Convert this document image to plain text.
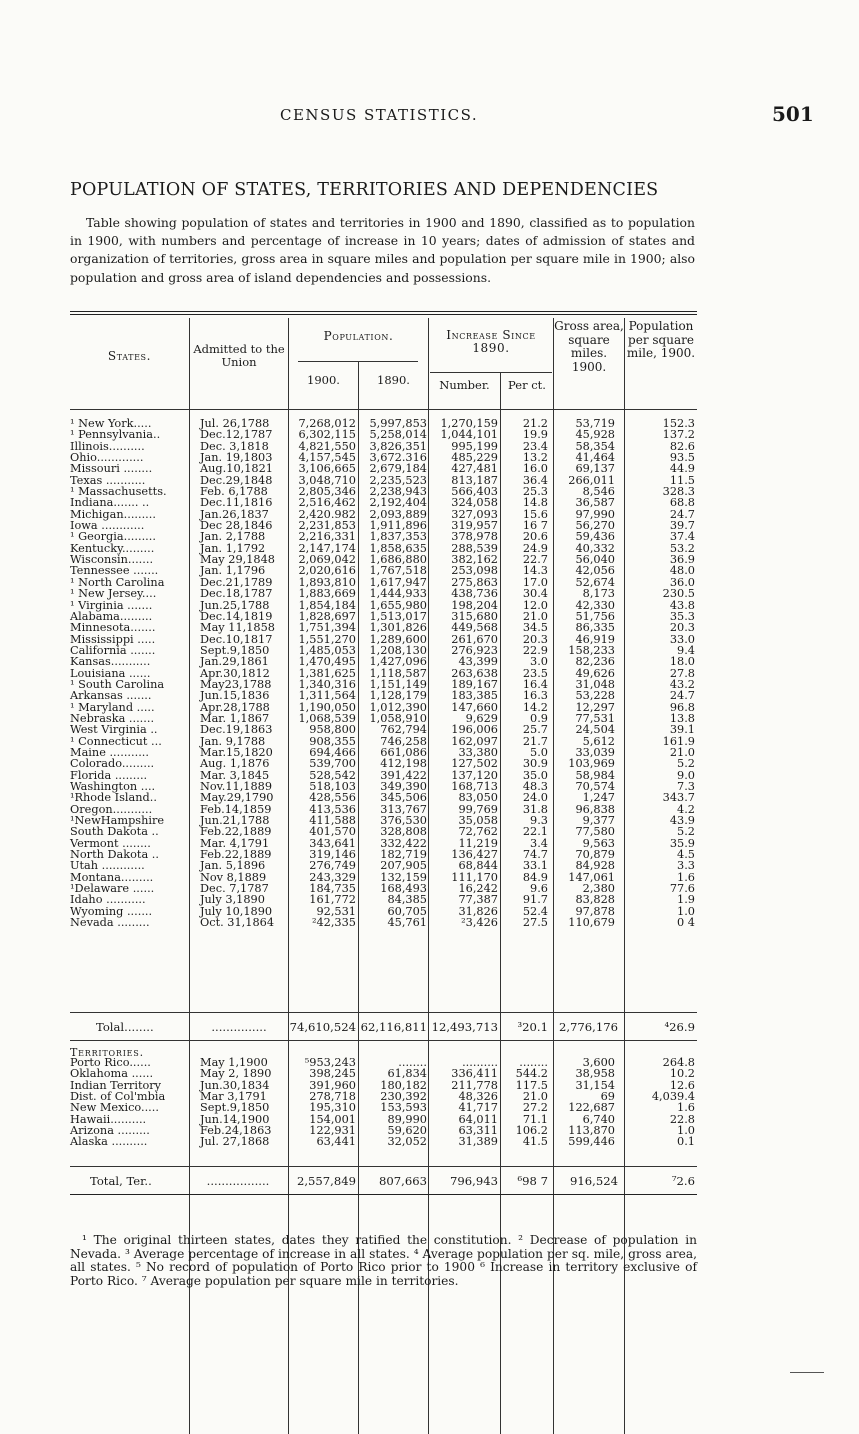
CENSUS STATISTICS.	501
POPULATION OF STATES, TERRITORIES AND DEPENDENCIES

Table showing population of states and territories in 1900 and 1890, classified as to population in 1900, with numbers and percentage of increase in 10 years; dates of admission of states and organization of territories, gross area in square miles and population per square mile in 1900; also population and gross area of island dependencies and possessions.

States.	Admitted to the Union
Population.
1900.	1890.
Increase Since 1890.
Number.	Per ct.
Gross area, square miles. 1900.
Population per square mile, 1900.
¹ New York.....	Jul. 26,1788	7,268,012	5,997,853	1,270,159	21.2	53,719	152.3
¹ Pennsylvania..	Dec.12,1787	6,302,115	5,258,014	1,044,101	19.9	45,928	137.2
Illinois..........	Dec. 3,1818	4,821,550	3,826,351	995,199	23.4	58,354	82.6
Ohio.............	Jan. 19,1803	4,157,545	3,672.316	485,229	13.2	41,464	93.5
Missouri ........	Aug.10,1821	3,106,665	2,679,184	427,481	16.0	69,137	44.9
Texas ...........	Dec.29,1848	3,048,710	2,235,523	813,187	36.4	266,011	11.5
¹ Massachusetts.	Feb. 6,1788	2,805,346	2,238,943	566,403	25.3	8,546	328.3
Indiana....... ..	Dec.11,1816	2,516,462	2,192,404	324,058	14.8	36,587	68.8
Michigan.........	Jan.26,1837	2,420.982	2,093,889	327,093	15.6	97,990	24.7
Iowa ............	Dec 28,1846	2,231,853	1,911,896	319,957	16 7	56,270	39.7
¹ Georgia.........	Jan. 2,1788	2,216,331	1,837,353	378,978	20.6	59,436	37.4
Kentucky.........	Jan. 1,1792	2,147,174	1,858,635	288,539	24.9	40,332	53.2
Wisconsin.......	May 29,1848	2,069,042	1,686,880	382,162	22.7	56,040	36.9
Tennessee .......	Jan. 1,1796	2,020,616	1,767,518	253,098	14.3	42,056	48.0
¹ North Carolina	Dec.21,1789	1,893,810	1,617,947	275,863	17.0	52,674	36.0
¹ New Jersey....	Dec.18,1787	1,883,669	1,444,933	438,736	30.4	8,173	230.5
¹ Virginia .......	Jun.25,1788	1,854,184	1,655,980	198,204	12.0	42,330	43.8
Alabama.........	Dec.14,1819	1,828,697	1,513,017	315,680	21.0	51,756	35.3
Minnesota.......	May 11,1858	1,751,394	1,301,826	449,568	34.5	86,335	20.3
Mississippi .....	Dec.10,1817	1,551,270	1,289,600	261,670	20.3	46,919	33.0
California .......	Sept.9,1850	1,485,053	1,208,130	276,923	22.9	158,233	9.4
Kansas...........	Jan.29,1861	1,470,495	1,427,096	43,399	3.0	82,236	18.0
Louisiana ......	Apr.30,1812	1,381,625	1,118,587	263,638	23.5	49,626	27.8
¹ South Carolina	May23,1788	1,340,316	1,151,149	189,167	16.4	31,048	43.2
Arkansas .......	Jun.15,1836	1,311,564	1,128,179	183,385	16.3	53,228	24.7
¹ Maryland .....	Apr.28,1788	1,190,050	1,012,390	147,660	14.2	12,297	96.8
Nebraska .......	Mar. 1,1867	1,068,539	1,058,910	9,629	0.9	77,531	13.8
West Virginia ..	Dec.19,1863	958,800	762,794	196,006	25.7	24,504	39.1
¹ Connecticut ...	Jan. 9,1788	908,355	746,258	162,097	21.7	5,612	161.9
Maine ...........	Mar.15,1820	694,466	661,086	33,380	5.0	33,039	21.0
Colorado.........	Aug. 1,1876	539,700	412,198	127,502	30.9	103,969	5.2
Florida .........	Mar. 3,1845	528,542	391,422	137,120	35.0	58,984	9.0
Washington ....	Nov.11,1889	518,103	349,390	168,713	48.3	70,574	7.3
¹Rhode Island..	May.29,1790	428,556	345,506	83,050	24.0	1,247	343.7
Oregon...........	Feb.14,1859	413,536	313,767	99,769	31.8	96,838	4.2
¹NewHampshire	Jun.21,1788	411,588	376,530	35,058	9.3	9,377	43.9
South Dakota ..	Feb.22,1889	401,570	328,808	72,762	22.1	77,580	5.2
Vermont ........	Mar. 4,1791	343,641	332,422	11,219	3.4	9,563	35.9
North Dakota ..	Feb.22,1889	319,146	182,719	136,427	74.7	70,879	4.5
Utah ............	Jan. 5,1896	276,749	207,905	68,844	33.1	84,928	3.3
Montana.........	Nov 8,1889	243,329	132,159	111,170	84.9	147,061	1.6
¹Delaware ......	Dec. 7,1787	184,735	168,493	16,242	9.6	2,380	77.6
Idaho ...........	July 3,1890	161,772	84,385	77,387	91.7	83,828	1.9
Wyoming .......	July 10,1890	92,531	60,705	31,826	52.4	97,878	1.0
Nevada .........	Oct. 31,1864	²42,335	45,761	²3,426	27.5	110,679	0 4
Tolal........	...............	74,610,524 62,116,811 12,493,713	³20.1 2,776,176	⁴26.9
Territories.
Porto Rico......	May 1,1900	⁵953,243	........	..........	........	3,600	264.8
Oklahoma ......	May 2, 1890	398,245	61,834	336,411	544.2	38,958	10.2
Indian Territory	Jun.30,1834	391,960	180,182	211,778	117.5	31,154	12.6
Dist. of Col'mbia	Mar 3,1791	278,718	230,392	48,326	21.0	69	4,039.4
New Mexico.....	Sept.9,1850	195,310	153,593	41,717	27.2	122,687	1.6
Hawaii..........	Jun.14,1900	154,001	89,990	64,011	71.1	6,740	22.8
Arizona .........	Feb.24,1863	122,931	59,620	63,311	106.2	113,870	1.0
Alaska ..........	Jul. 27,1868	63,441	32,052	31,389	41.5	599,446	0.1
Total, Ter..	.................	2,557,849	807,663	796,943	⁶98 7	916,524	⁷2.6

¹ The original thirteen states, dates they ratified the constitution. ² Decrease of population in Nevada. ³ Average percentage of increase in all states. ⁴ Average population per sq. mile, gross area, all states. ⁵ No record of population of Porto Rico prior to 1900 ⁶ Increase in territory exclusive of Porto Rico. ⁷ Average population per square mile in territories.
